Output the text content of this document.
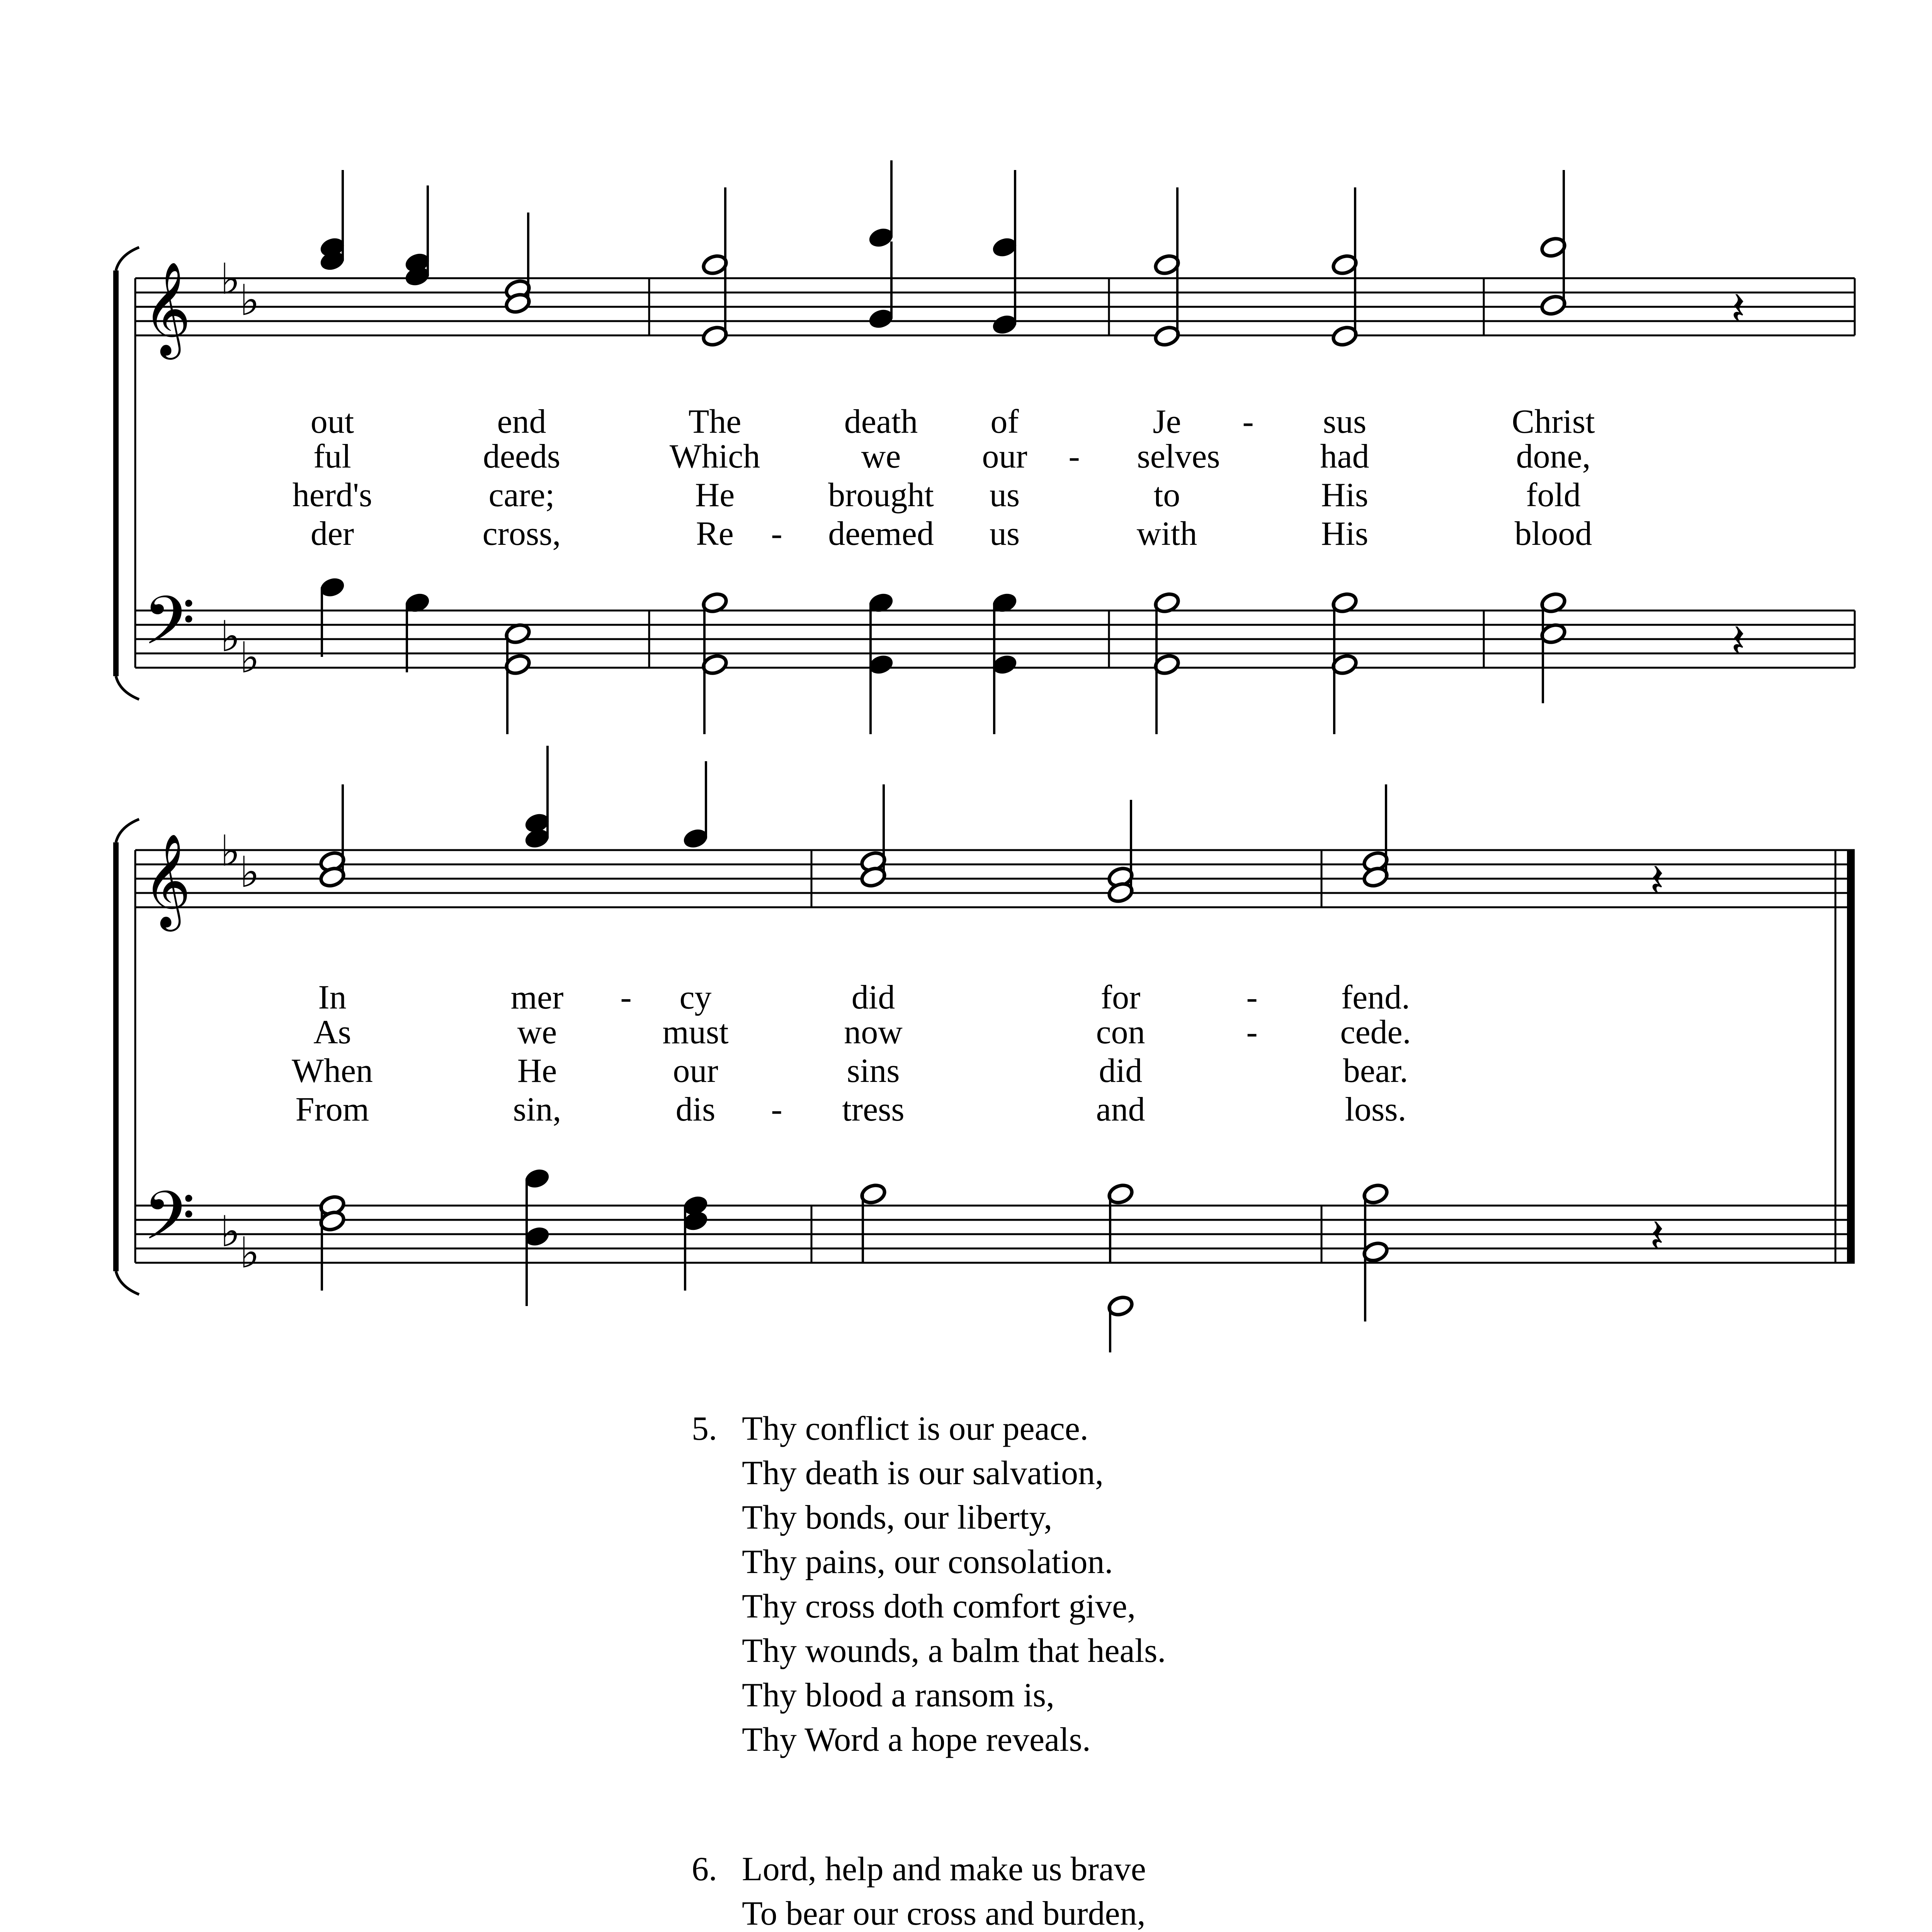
𝄞
𝄢
♭
♭
♭
♭
𝄽
𝄽
out	end	The	death of	Je - sus	Christ
ful	deeds	Which	we our - selves	had	done,
herd's	care;	He	brought us	to	His	fold
der	cross,	Re - deemed us	with	His	blood
𝄞
𝄢
♭
♭
♭
♭
𝄽
𝄽
In	mer - cy	did	for	- fend.
As	we	must	now	con	- cede.
When	He	our	sins	did	bear.
From	sin,	dis - tress	and	loss.
5. Thy conflict is our peace.
Thy death is our salvation,
Thy bonds, our liberty,
Thy pains, our consolation.
Thy cross doth comfort give,
Thy wounds, a balm that heals.
Thy blood a ransom is,
Thy Word a hope reveals.
6. Lord, help and make us brave
To bear our cross and burden,
